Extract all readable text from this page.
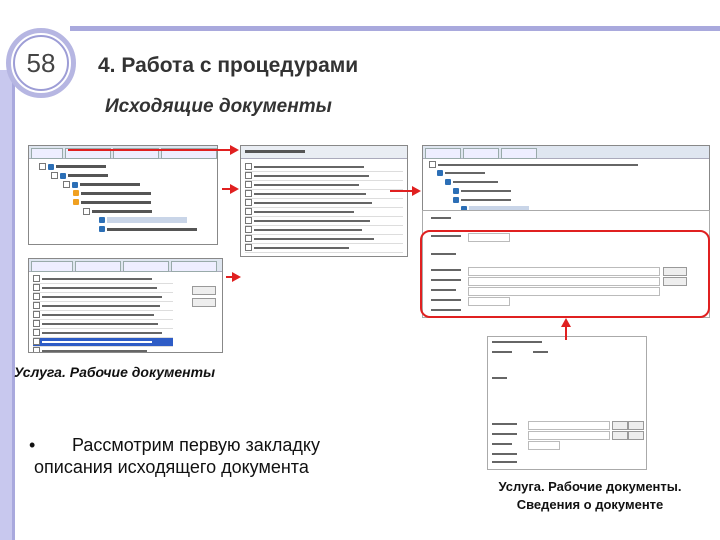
58	4. Работа с процедурами
Исходящие документы
Услуга. Рабочие документы
•	Рассмотрим первую закладку описания исходящего документа
Услуга. Рабочие документы.
Сведения о документе
